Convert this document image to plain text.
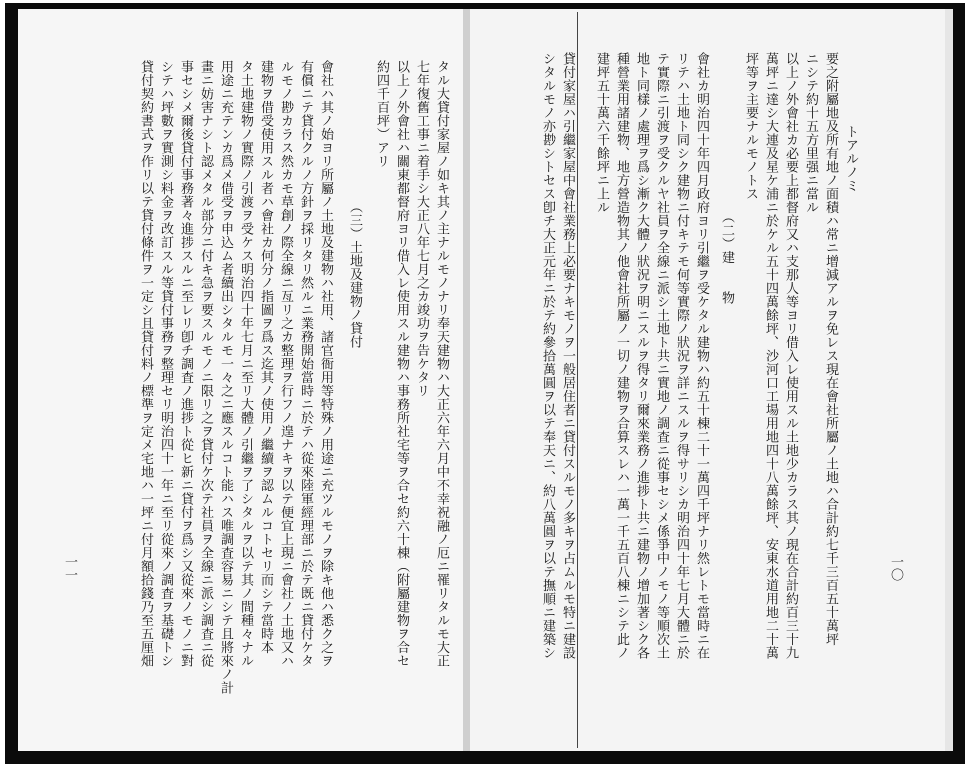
トアルノミ
要之附屬地及所有地ノ面積ハ常ニ增減アルヲ免レス現在會社所屬ノ土地ハ合計約七千三百五十萬坪
ニシテ約十五方里强ニ當ル
以上ノ外會社カ必要上都督府又ハ支那人等ヨリ借入レ使用スル土地少カラス其ノ現在合計約百三十九
萬坪ニ達シ大連及星ケ浦ニ於ケル五十四萬餘坪、沙河口工場用地四十八萬餘坪、安東水道用地二十萬
坪等ヲ主要ナルモノトス
（二）建　　物
會社カ明治四十年四月政府ヨリ引繼ヲ受ケタル建物ハ約五十棟二十一萬四千坪ナリ然レトモ當時ニ在
リテハ土地ト同シク建物ニ付キテモ何等實際ノ狀況ヲ詳ニスルヲ得サリシカ明治四十年七月大體ニ於
テ實際ニ引渡ヲ受クルヤ社員ヲ全線ニ派シ土地ト共ニ實地ノ調査ニ從事セシメ係爭中ノモノ等順次土
地ト同樣ノ處理ヲ爲シ漸ク大體ノ狀況ヲ明ニスルヲ得タリ爾來業務ノ進捗ト共ニ建物ノ增加著シク各
種營業用諸建物、地方營造物其ノ他會社所屬ノ一切ノ建物ヲ合算スレハ一萬一千五百八棟ニシテ此ノ
建坪五十萬六千餘坪ニ上ル
貸付家屋ハ引繼家屋中會社業務上必要ナキモノヲ一般居住者ニ貸付スルモノ多キヲ占ムルモ特ニ建設
シタルモノ亦尠シトセス卽チ大正元年ニ於テ約參拾萬圓ヲ以テ奉天ニ、約八萬圓ヲ以テ撫順ニ建築シ	一〇
タル大貸付家屋ノ如キ其ノ主ナルモノナリ奉天建物ハ大正六年六月中不幸祝融ノ厄ニ罹リタルモ大正
七年復舊工事ニ着手シ大正八年七月之カ竣功ヲ告ケタリ
以上ノ外會社ハ關東都督府ヨリ借入レ使用スル建物ハ事務所社宅等ヲ合セ約六十棟（附屬建物ヲ合セ
約四千百坪）アリ
（三）土地及建物ノ貸付
會社ハ其ノ始ヨリ所屬ノ土地及建物ハ社用、諸官衙用等特殊ノ用途ニ充ツルモノヲ除キ他ハ悉ク之ヲ
有償ニテ貸付クルノ方針ヲ採リタリ然ルニ業務開始當時ニ於テハ從來陸軍經理部ニ於テ既ニ貸付ケタ
ルモノ尠カラス然カモ草創ノ際全線ニ亙リ之カ整理ヲ行フノ遑ナキヲ以テ便宜上現ニ會社ノ土地又ハ
建物ヲ借受使用スル者ハ會社カ何分ノ指圖ヲ爲ス迄其ノ使用ノ繼續ヲ認ムルコトセリ而シテ當時本
タ土地建物ノ實際ノ引渡ヲ受ケス明治四十年七月ニ至リ大體ノ引繼ヲ了シタルヲ以テ其ノ間種々ナル
用途ニ充テンカ爲メ借受ヲ申込ム者續出シタルモ一々之ニ應スルコト能ハス唯調査容易ニシテ且將來ノ計
畫ニ妨害ナシト認メタル部分ニ付キ急ヲ要スルモノニ限リ之ヲ貸付ケ次テ社員ヲ全線ニ派シ調査ニ從
事セシメ爾後貸付事務著々進捗スルニ至レリ卽チ調査ノ進捗ト從ヒ新ニ貸付ヲ爲シ又從來ノモノニ對
シテハ坪數ヲ實測シ料金ヲ改訂スル等貸付事務ヲ整理セリ明治四十一年ニ至リ從來ノ調査ヲ基礎トシ
貸付契約書式ヲ作リ以テ貸付條件ヲ一定シ且貸付料ノ標準ヲ定メ宅地ハ一坪ニ付月額拾錢乃至五厘畑
一一
